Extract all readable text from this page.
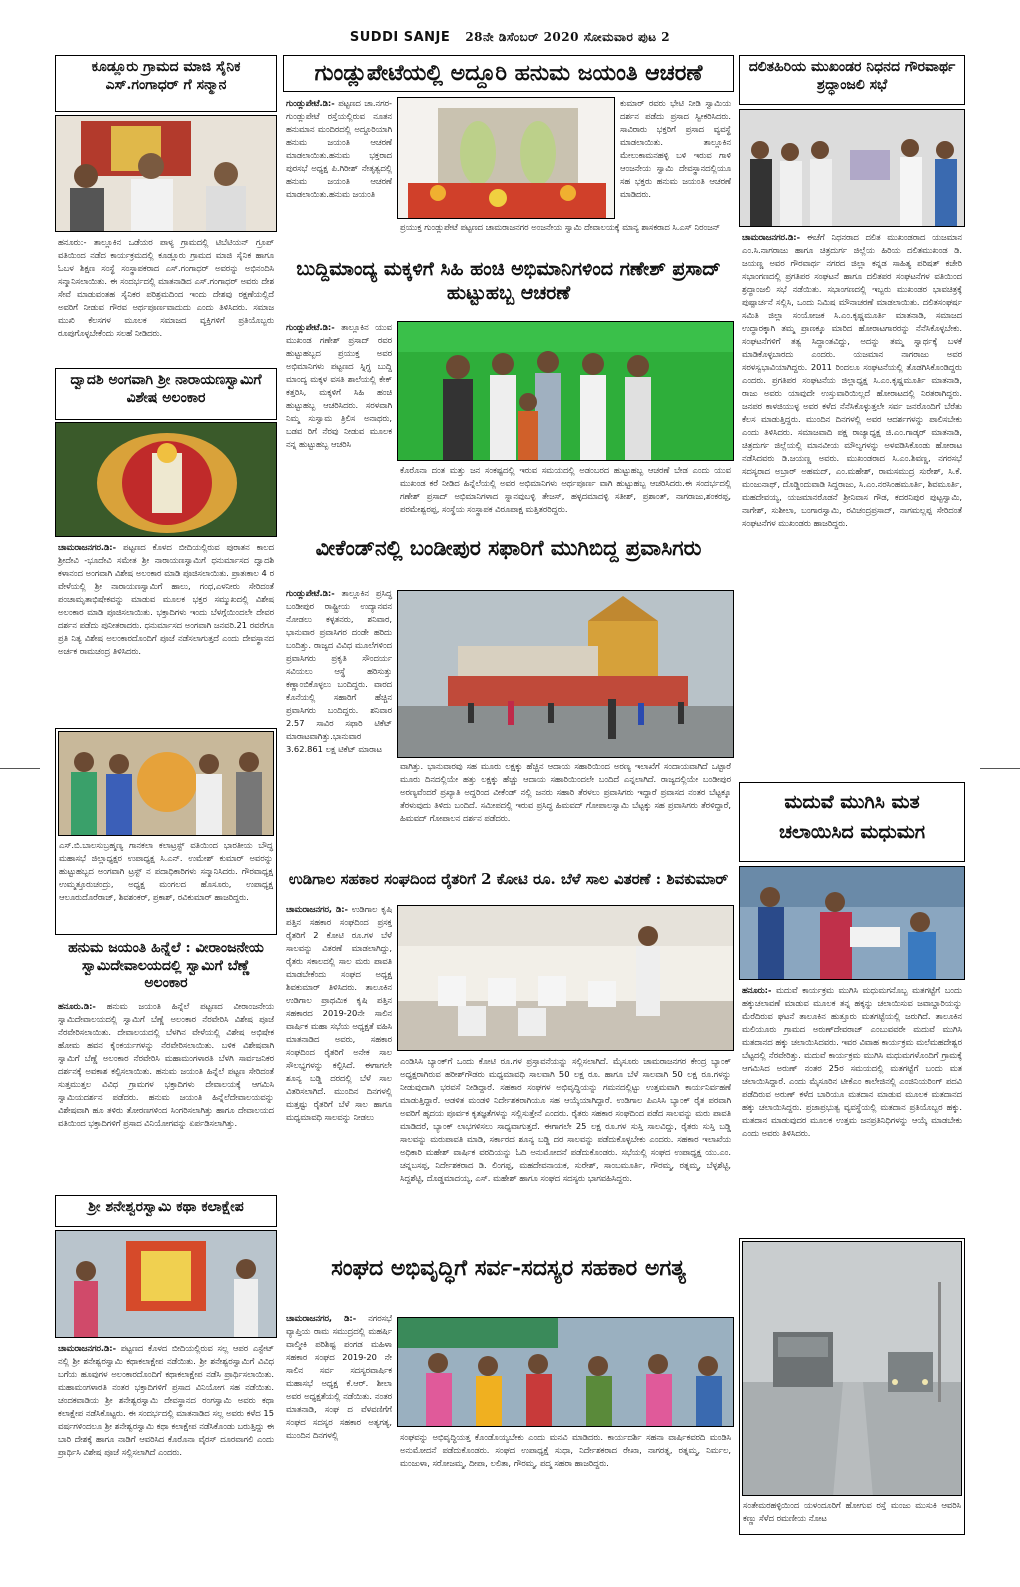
SUDDI SANJE 28ನೇ ಡಿಸೆಂಬರ್ 2020 ಸೋಮವಾರ ಪುಟ 2
ಕೂಡ್ಲೂರು ಗ್ರಾಮದ ಮಾಜಿ ಸೈನಿಕ ಎಸ್.ಗಂಗಾಧರ್ ಗೆ ಸನ್ಮಾನ
ಹನೂರು:- ತಾಲ್ಲೂಕಿನ ಒಡೆಯರ ಪಾಳ್ಯ ಗ್ರಾಮದಲ್ಲಿ ಟಿಬೆಟಿಯನ್ ಗ್ರೂಪ್ ವತಿಯಿಂದ ನಡೆದ ಕಾರ್ಯಕ್ರಮದಲ್ಲಿ ಕೂಡ್ಲೂರು ಗ್ರಾಮದ ಮಾಜಿ ಸೈನಿಕ ಹಾಗೂ ಓಬಳ ಶಿಕ್ಷಣ ಸಂಸ್ಥೆ ಸಂಸ್ಥಾಪಕರಾದ ಎಸ್.ಗಂಗಾಧರ್ ಅವರನ್ನು ಅಭಿನಂದಿಸಿ ಸನ್ಮಾನಿಸಲಾಯಿತು. ಈ ಸಂದರ್ಭದಲ್ಲಿ ಮಾತನಾಡಿದ ಎಸ್.ಗಂಗಾಧರ್ ಅವರು ದೇಶ ಸೇವೆ ಮಾಡುವಂತಹ ಸೈನಿಕರ ಪರಿಶ್ರಮದಿಂದ ಇಂದು ದೇಶವು ರಕ್ಷಣೆಯಲ್ಲಿದೆ ಅವರಿಗೆ ನೀಡುವ ಗೌರವ ಅರ್ಥಪೂರ್ಣವಾದುದು ಎಂದು ತಿಳಿಸಿದರು. ಸಮಾಜ ಮುಖಿ ಕೆಲಸಗಳ ಮೂಲಕ ಸಮಾಜದ ವ್ಯಕ್ತಿಗಳಿಗೆ ಪ್ರತಿಯೊಬ್ಬರು ರೂಪುಗೊಳ್ಳಬೇಕೆಂದು ಸಲಹೆ ನೀಡಿದರು.
ದ್ವಾದಶಿ ಅಂಗವಾಗಿ ಶ್ರೀ ನಾರಾಯಣಸ್ವಾಮಿಗೆ ವಿಶೇಷ ಅಲಂಕಾರ
ಚಾಮರಾಜನಗರ.ಡಿ:- ಪಟ್ಟಣದ ಕೊಳದ ಬೀದಿಯಲ್ಲಿರುವ ಪುರಾತನ ಕಾಲದ ಶ್ರೀದೇವಿ -ಭೂದೇವಿ ಸಮೇತ ಶ್ರೀ ನಾರಾಯಣಸ್ವಾಮಿಗೆ ಧನುರ್ಮಾಸದ ದ್ವಾದಶಿ ಕಳಾನಂದ ಅಂಗವಾಗಿ ವಿಶೇಷ ಅಲಂಕಾರ ಮಾಡಿ ಪೂಜಿಸಲಾಯಿತು. ಪ್ರಾತಃಕಾಲ 4 ರ ವೇಳೆಯಲ್ಲಿ ಶ್ರೀ ನಾರಾಯಣಸ್ವಾಮಿಗೆ ಹಾಲು, ಗಂಧ,ಎಳನೀರು ಸೇರಿದಂತೆ ಪಂಚಾಮೃತಾಭಿಷೇಕವನ್ನು ಮಾಡುವ ಮೂಲಕ ಭಕ್ತರ ಸಮ್ಮುಖದಲ್ಲಿ ವಿಶೇಷ ಅಲಂಕಾರ ಮಾಡಿ ಪೂಜಿಸಲಾಯಿತು. ಭಕ್ತಾದಿಗಳು ಇಂದು ಬೆಳಗ್ಗೆಯಿಂದಲೇ ದೇವರ ದರ್ಶನ ಪಡೆದು ಪುನೀತರಾದರು. ಧನುರ್ಮಾಸದ ಅಂಗವಾಗಿ ಜನವರಿ.21 ರವರೆಗೂ ಪ್ರತಿ ನಿತ್ಯ ವಿಶೇಷ ಅಲಂಕಾರದೊಂದಿಗೆ ಪೂಜೆ ನಡೆಸಲಾಗುತ್ತದೆ ಎಂದು ದೇವಸ್ಥಾನದ ಅರ್ಚಕ ರಾಮಚಂದ್ರ ತಿಳಿಸಿದರು.
ಎಸ್.ಬಿ.ಬಾಲಸುಬ್ರಹ್ಮಣ್ಯ ಗಾನಕಲಾ ಕಲಾಟ್ರಸ್ಟ್ ವತಿಯಿಂದ ಭಾರತೀಯ ಬೌದ್ಧ ಮಹಾಸಭೆ ಜಿಲ್ಲಾಧ್ಯಕ್ಷರ ಉಪಾಧ್ಯಕ್ಷ ಸಿ.ಎನ್. ಉಮೇಶ್ ಕುಮಾರ್ ಅವರನ್ನು ಹುಟ್ಟುಹಬ್ಬದ ಅಂಗವಾಗಿ ಟ್ರಸ್ಟ್ ನ ಪದಾಧಿಕಾರಿಗಳು ಸನ್ಮಾನಿಸಿದರು. ಗೌರವಾಧ್ಯಕ್ಷ ಉಮ್ಮತ್ತೂರುಚಂದ್ರು, ಅಧ್ಯಕ್ಷ ಮಂಗಲದ ಹೊಸೂರು, ಉಪಾಧ್ಯಕ್ಷ ಆಲೂರುದೊರೆರಾಜ್, ಶಿವಶಂಕರ್, ಪ್ರಕಾಶ್, ರವಿಕುಮಾರ್ ಹಾಜರಿದ್ದರು.
ಹನುಮ ಜಯಂತಿ ಹಿನ್ನೆಲೆ : ವೀರಾಂಜನೇಯ ಸ್ವಾಮಿದೇವಾಲಯದಲ್ಲಿ ಸ್ವಾಮಿಗೆ ಬೆಣ್ಣೆ ಅಲಂಕಾರ
ಹನೂರು.ಡಿ:- ಹನುಮ ಜಯಂತಿ ಹಿನ್ನೆಲೆ ಪಟ್ಟಣದ ವೀರಾಂಜನೇಯ ಸ್ವಾಮಿದೇವಾಲಯದಲ್ಲಿ ಸ್ವಾಮಿಗೆ ಬೆಣ್ಣೆ ಅಲಂಕಾರ ನೆರವೇರಿಸಿ ವಿಶೇಷ ಪೂಜೆ ನೆರವೇರಿಸಲಾಯಿತು. ದೇವಾಲಯದಲ್ಲಿ ಬೆಳಗಿನ ವೇಳೆಯಲ್ಲಿ ವಿಶೇಷ ಅಭಿಷೇಕ ಹೋಮ ಹವನ ಕೈಂಕರ್ಯಗಳನ್ನು ನೆರವೇರಿಸಲಾಯಿತು. ಬಳಿಕ ವಿಶೇಷವಾಗಿ ಸ್ವಾಮಿಗೆ ಬೆಣ್ಣೆ ಅಲಂಕಾರ ನೆರವೇರಿಸಿ ಮಹಾಮಂಗಳಾರತಿ ಬೆಳಗಿ ಸಾರ್ವಜನಿಕರ ದರ್ಶನಕ್ಕೆ ಅವಕಾಶ ಕಲ್ಪಿಸಲಾಯಿತು. ಹನುಮ ಜಯಂತಿ ಹಿನ್ನೆಲೆ ಪಟ್ಟಣ ಸೇರಿದಂತೆ ಸುತ್ತಮುತ್ತಲ ವಿವಿಧ ಗ್ರಾಮಗಳ ಭಕ್ತಾದಿಗಳು ದೇವಾಲಯಕ್ಕೆ ಆಗಮಿಸಿ ಸ್ವಾಮಿಯದರ್ಶನ ಪಡೆದರು. ಹನುಮ ಜಯಂತಿ ಹಿನ್ನೆಲೆದೇವಾಲಯವನ್ನು ವಿಶೇಷವಾಗಿ ಹೂ ತಳಿರು ತೋರಣಗಳಿಂದ ಸಿಂಗರಿಸಲಾಗಿತ್ತು ಹಾಗೂ ದೇವಾಲಯದ ವತಿಯಿಂದ ಭಕ್ತಾದಿಗಳಿಗೆ ಪ್ರಸಾದ ವಿನಿಯೋಗವನ್ನು ಏರ್ಪಡಿಸಲಾಗಿತ್ತು.
ಶ್ರೀ ಶನೇಶ್ವರಸ್ವಾಮಿ ಕಥಾ ಕಲಾಕ್ಷೇಪ
ಚಾಮರಾಜನಗರ.ಡಿ:- ಪಟ್ಟಣದ ಕೊಳದ ಬೀದಿಯಲ್ಲಿರುವ ಸಲ್ಲ ಆಪರ ಎಸ್ಟೇಟ್ ನಲ್ಲಿ ಶ್ರೀ ಶನೇಶ್ವರಸ್ವಾಮಿ ಕಥಾಕಲಾಕ್ಷೇಪ ನಡೆಯಿತು. ಶ್ರೀ ಶನೇಶ್ವರಸ್ವಾಮಿಗೆ ವಿವಿಧ ಬಗೆಯ ಹೂವುಗಳ ಅಲಂಕಾರದೊಂದಿಗೆ ಕಥಾಕಲಾಕ್ಷೇಪ ನಡೆಸಿ ಪ್ರಾರ್ಥಿಸಲಾಯಿತು. ಮಹಾಮಂಗಳಾರತಿ ನಂತರ ಭಕ್ತಾದಿಗಳಿಗೆ ಪ್ರಸಾದ ವಿನಿಯೋಗ ಸಹ ನಡೆಯಿತು. ಚಂದಕವಾಡಿಯ ಶ್ರೀ ಶನೇಶ್ವರಸ್ವಾಮಿ ದೇವಸ್ಥಾನದ ರಂಗಸ್ವಾಮಿ ಅವರು ಕಥಾ ಕಲಾಕ್ಷೇಪ ನಡೆಸಿಕೊಟ್ಟರು. ಈ ಸಂದರ್ಭದಲ್ಲಿ ಮಾತನಾಡಿದ ಸಲ್ಲ ಅವರು ಕಳೆದ 15 ವರ್ಷಗಳಿಂದಲೂ ಶ್ರೀ ಶನೇಶ್ವರಸ್ವಾಮಿ ಕಥಾ ಕಲಾಕ್ಷೇಪ ನಡೆಸಿಕೊಂಡು ಬರುತ್ತಿದ್ದು ಈ ಬಾರಿ ದೇಶಕ್ಕೆ ಹಾಗೂ ನಾಡಿಗೆ ಆವರಿಸಿದ ಕೊರೊನಾ ವೈರಸ್ ದೂರವಾಗಲಿ ಎಂದು ಪ್ರಾರ್ಥಿಸಿ ವಿಶೇಷ ಪೂಜೆ ಸಲ್ಲಿಸಲಾಗಿದೆ ಎಂದರು.
ಗುಂಡ್ಲುಪೇಟೆಯಲ್ಲಿ ಅದ್ದೂರಿ ಹನುಮ ಜಯಂತಿ ಆಚರಣೆ
ಗುಂಡ್ಲುಪೇಟೆ.ಡಿ:- ಪಟ್ಟಣದ ಚಾ.ನಗರ- ಗುಂಡ್ಲುಪೇಟೆ ರಸ್ತೆಯಲ್ಲಿರುವ ನೂತನ ಹನುಮಾನ ಮಂದಿರದಲ್ಲಿ ಅದ್ದೂರಿಯಾಗಿ ಹನುಮ ಜಯಂತಿ ಆಚರಣೆ ಮಾಡಲಾಯಿತು.ಹನುಮ ಭಕ್ತರಾದ ಪುರಸಭೆ ಅಧ್ಯಕ್ಷ ಪಿ.ಗಿರೀಶ್ ನೇತೃತ್ವದಲ್ಲಿ ಹನುಮ ಜಯಂತಿ ಆಚರಣೆ ಮಾಡಲಾಯಿತು.ಹನುಮ ಜಯಂತಿ
ಕುಮಾರ್ ರವರು ಭೇಟಿ ನೀಡಿ ಸ್ವಾಮಿಯ ದರ್ಶನ ಪಡೆದು ಪ್ರಸಾದ ಸ್ವೀಕರಿಸಿದರು. ಸಾವಿರಾರು ಭಕ್ತರಿಗೆ ಪ್ರಸಾದ ವ್ಯವಸ್ಥೆ ಮಾಡಲಾಯಿತು. ತಾಲ್ಲೂಕಿನ ಮೇಲುಕಾಮನಹಳ್ಳಿ ಬಳಿ ಇರುವ ಗಾಳಿ ಆಂಜನೇಯ ಸ್ವಾಮಿ ದೇವಸ್ಥಾನದಲ್ಲಿಯೂ ಸಹ ಭಕ್ತರು ಹನುಮ ಜಯಂತಿ ಆಚರಣೆ ಮಾಡಿದರು.
ಪ್ರಯುಕ್ತ ಗುಂಡ್ಲುಪೇಟೆ ಪಟ್ಟಣದ ಚಾಮರಾಜನಗರ ಅಂಜನೇಯ ಸ್ವಾಮಿ ದೇವಾಲಯಕ್ಕೆ ಮಾನ್ಯ ಶಾಸಕರಾದ ಸಿ.ಎಸ್ ನಿರಂಜನ್
ಬುದ್ದಿಮಾಂದ್ಯ ಮಕ್ಕಳಿಗೆ ಸಿಹಿ ಹಂಚಿ ಅಭಿಮಾನಿಗಳಿಂದ ಗಣೇಶ್ ಪ್ರಸಾದ್ ಹುಟ್ಟುಹಬ್ಬ ಆಚರಣೆ
ಗುಂಡ್ಲುಪೇಟೆ.ಡಿ:- ತಾಲ್ಲೂಕಿನ ಯುವ ಮುಖಂಡ ಗಣೇಶ್ ಪ್ರಸಾದ್ ರವರ ಹುಟ್ಟುಹಬ್ಬದ ಪ್ರಯುಕ್ತ ಅವರ ಅಭಿಮಾನಿಗಳು ಪಟ್ಟಣದ ಸ್ನಿಗ್ಧ ಬುದ್ದಿ ಮಾಂದ್ಯ ಮಕ್ಕಳ ವಸತಿ ಶಾಲೆಯಲ್ಲಿ ಕೇಕ್ ಕತ್ತರಿಸಿ, ಮಕ್ಕಳಿಗೆ ಸಿಹಿ ಹಂಚಿ ಹುಟ್ಟುಹಬ್ಬ ಆಚರಿಸಿದರು. ಸರಳವಾಗಿ ನಿಮ್ಮ ಸುಸ್ವಾಮ ತ್ರಿಲಿಸ ಅನಾಥರು, ಬಡವ ರಿಗೆ ನೆರವು ನೀಡುವ ಮೂಲಕ ನನ್ನ ಹುಟ್ಟುಹಬ್ಬ ಆಚರಿಸಿ
ಕೊರೊನಾ ದಂತ ಮತ್ತು ಜನ ಸಂಕಷ್ಟದಲ್ಲಿ ಇರುವ ಸಮಯದಲ್ಲಿ ಅಡಂಬರದ ಹುಟ್ಟುಹಬ್ಬ ಆಚರಣೆ ಬೇಡ ಎಂದು ಯುವ ಮುಖಂಡ ಕರೆ ನೀಡಿದ ಹಿನ್ನೆಲೆಯಲ್ಲಿ ಅವರ ಅಭಿಮಾನಿಗಳು ಅರ್ಥಪೂರ್ಣ ವಾಗಿ ಹುಟ್ಟುಹಬ್ಬ ಆಚರಿಸಿದರು.ಈ ಸಂದರ್ಭದಲ್ಲಿ ಗಣೇಶ್ ಪ್ರಸಾದ್ ಅಭಿಮಾನಿಗಳಾದ ಸ್ನಾನವುಬಳ್ಳಿ ತೇಜಸ್, ಹಳ್ಳದಮಾದಳ್ಳಿ ಸತೀಶ್, ಪ್ರಶಾಂತ್, ನಾಗರಾಜು,ಶಂಕರಪ್ಪ, ಪರಮೇಶ್ವರಪ್ಪ, ಸಂಸ್ಥೆಯ ಸಂಸ್ಥಾಪಕ ವಿರೂಪಾಕ್ಷ ಮತ್ತಿತರರಿದ್ದರು.
ವೀಕೆಂಡ್‌ನಲ್ಲಿ ಬಂಡೀಪುರ ಸಫಾರಿಗೆ ಮುಗಿಬಿದ್ದ ಪ್ರವಾಸಿಗರು
ಗುಂಡ್ಲುಪೇಟೆ.ಡಿ:- ತಾಲ್ಲೂಕಿನ ಪ್ರಸಿದ್ಧ ಬಂಡೀಪುರ ರಾಷ್ಟ್ರೀಯ ಉದ್ಯಾನವನ ನೋಡಲು ಕಳ್ಳತನರು, ಶನಿವಾರ, ಭಾನುವಾರ ಪ್ರವಾಸಿಗರ ದಂಡೇ ಹರಿದು ಬಂದಿತ್ತು. ರಾಜ್ಯದ ವಿವಿಧ ಮೂಲೆಗಳಿಂದ ಪ್ರವಾಸಿಗರು ಪ್ರಕೃತಿ ಸೌಂದರ್ಯ ಸವಿಯಲು ಆಸ್ಥೆ ಹರಿಸುತ್ತು ಕಣ್ಣಾಂಬಿಕೊಳ್ಳಲು ಬಂದಿದ್ದರು. ವಾರದ ಕೊನೆಯಲ್ಲಿ ಸಹಾರಿಗೆ ಹೆಚ್ಚಿನ ಪ್ರವಾಸಿಗರು ಬಂದಿದ್ದರು. ಶನಿವಾರ 2.57 ಸಾವಿರ ಸಫಾರಿ ಟಿಕೆಟ್ ಮಾರಾಟವಾಗಿತ್ತು.ಭಾನುವಾರ 3.62.861 ಲಕ್ಷ ಟಿಕೆಟ್ ಮಾರಾಟ
ವಾಗಿತ್ತು. ಭಾನುವಾರವು ಸಹ ಮೂರು ಲಕ್ಷಕ್ಕು ಹೆಚ್ಚಿನ ಆದಾಯ ಸಹಾರಿಯಿಂದ ಅರಣ್ಯ ಇಲಾಖೆಗೆ ಸಂದಾಯವಾಗಿದೆ ಒಟ್ಟಾರೆ ಮೂರು ದಿನದಲ್ಲಿಯೇ ಹತ್ತು ಲಕ್ಷಕ್ಕು ಹೆಚ್ಚು ಆದಾಯ ಸಹಾರಿಯಿಂದಲೇ ಬಂದಿದೆ ಎನ್ನಲಾಗಿದೆ. ರಾಜ್ಯದಲ್ಲಿಯೇ ಬಂಡೀಪುರ ಅರಣ್ಯವೆಂದರೆ ಪ್ರಖ್ಯಾತಿ ಅದ್ದರಿಂದ ವೀಕೆಂಡ್ ನಲ್ಲಿ ಜನರು ಸಹಾರಿ ತೆರಳಲು ಪ್ರವಾಸಿಗರು ಇದ್ದಾರೆ ಪ್ರವಾಸದ ನಂತರ ಬೆಟ್ಟಕ್ಕೂ ತೆರಳುವುದು ತಿಳಿದು ಬಂದಿದೆ. ಸಮೀಪದಲ್ಲಿ ಇರುವ ಪ್ರಸಿದ್ಧ ಹಿಮವದ್ ಗೋಪಾಲಸ್ವಾಮಿ ಬೆಟ್ಟಕ್ಕು ಸಹ ಪ್ರವಾಸಿಗರು ತೆರಳಿದ್ದಾರೆ, ಹಿಮವದ್ ಗೋಪಾಲನ ದರ್ಶನ ಪಡೆದರು.
ಉಡಿಗಾಲ ಸಹಕಾರ ಸಂಘದಿಂದ ರೈತರಿಗೆ 2 ಕೋಟಿ ರೂ. ಬೆಳೆ ಸಾಲ ವಿತರಣೆ : ಶಿವಕುಮಾರ್
ಚಾಮರಾಜನಗರ, ಡಿ:- ಉಡಿಗಾಲ ಕೃಷಿ ಪತ್ತಿನ ಸಹಕಾರ ಸಂಘದಿಂದ ಪ್ರಸಕ್ತ ರೈತರಿಗೆ 2 ಕೋಟಿ ರೂ.ಗಳ ಬೆಳೆ ಸಾಲವನ್ನು ವಿತರಣೆ ಮಾಡಲಾಗಿದ್ದು, ರೈತರು ಸಕಾಲದಲ್ಲಿ ಸಾಲ ಮರು ಪಾವತಿ ಮಾಡಬೇಕೆಂದು ಸಂಘದ ಅಧ್ಯಕ್ಷ ಶಿವಕುಮಾರ್ ತಿಳಿಸಿದರು. ತಾಲೂಕಿನ ಉಡಿಗಾಲ ಪ್ರಾಥಮಿಕ ಕೃಷಿ ಪತ್ತಿನ ಸಹಕಾರದ 2019-20ನೇ ಸಾಲಿನ ವಾರ್ಷಿಕ ಮಹಾ ಸಭೆಯ ಅಧ್ಯಕ್ಷತೆ ವಹಿಸಿ ಮಾತನಾಡಿದ ಅವರು, ಸಹಕಾರ ಸಂಘದಿಂದ ರೈತರಿಗೆ ಅನೇಕ ಸಾಲ ಸೌಲಭ್ಯಗಳನ್ನು ಕಲ್ಪಿಸಿದೆ. ಈಗಾಗಲೇ ಶೂನ್ಯ ಬಡ್ಡಿ ದರದಲ್ಲಿ ಬೆಳೆ ಸಾಲ ವಿತರಿಸಲಾಗಿದೆ. ಮುಂದಿನ ದಿನಗಳಲ್ಲಿ ಮತ್ತಷ್ಟು ರೈತರಿಗೆ ಬೆಳೆ ಸಾಲ ಹಾಗೂ ಮಧ್ಯಮಾವಧಿ ಸಾಲವನ್ನು ನೀಡಲು
ಎಂಡಿಸಿಸಿ ಬ್ಯಾಂಕ್‌ಗೆ ಒಂದು ಕೋಟಿ ರೂ.ಗಳ ಪ್ರಸ್ತಾವನೆಯನ್ನು ಸಲ್ಲಿಸಲಾಗಿದೆ. ಮೈಸೂರು ಚಾಮರಾಜನಗರ ಕೇಂದ್ರ ಬ್ಯಾಂಕ್ ಅಧ್ಯಕ್ಷರಾಗಿರುವ ಹರೀಶ್‌ಗೌಡರು ಮಧ್ಯಮಾವಧಿ ಸಾಲವಾಗಿ 50 ಲಕ್ಷ ರೂ. ಹಾಗೂ ಬೆಳೆ ಸಾಲವಾಗಿ 50 ಲಕ್ಷ ರೂ.ಗಳನ್ನು ನೀಡುವುದಾಗಿ ಭರವಸೆ ನೀಡಿದ್ದಾರೆ. ಸಹಕಾರ ಸಂಘಗಳ ಅಭಿವೃದ್ಧಿಯನ್ನು ಗಮನದಲ್ಲಿಟ್ಟು ಉತ್ತಮವಾಗಿ ಕಾರ್ಯನಿರ್ವಹಣೆ ಮಾಡುತ್ತಿದ್ದಾರೆ. ಆಡಳಿತ ಮಂಡಳಿ ನಿರ್ದೇಶಕರಾಗಿಯೂ ಸಹ ಆಯ್ಕೆಯಾಗಿದ್ದಾರೆ. ಉಡಿಗಾಲ ಪಿಎಸಿಸಿ ಬ್ಯಾಂಕ್ ರೈತ ಪರವಾಗಿ ಅವರಿಗೆ ಹೃದಯ ಪೂರ್ವಕ ಕೃತಜ್ಞತೆಗಳನ್ನು ಸಲ್ಲಿಸುತ್ತೇನೆ ಎಂದರು. ರೈತರು ಸಹಕಾರ ಸಂಘದಿಂದ ಪಡೆದ ಸಾಲವನ್ನು ಮರು ಪಾವತಿ ಮಾಡಿದರೆ, ಬ್ಯಾಂಕ್ ಲಾಭಗಳಿಸಲು ಸಾಧ್ಯವಾಗುತ್ತದೆ. ಈಗಾಗಲೇ 25 ಲಕ್ಷ ರೂ.ಗಳ ಸುಸ್ತಿ ಸಾಲವಿದ್ದು, ರೈತರು ಸುಸ್ತಿ ಬಡ್ಡಿ ಸಾಲವನ್ನು ಮರುಪಾವತಿ ಮಾಡಿ, ಸರ್ಕಾರದ ಶೂನ್ಯ ಬಡ್ಡಿ ದರ ಸಾಲವನ್ನು ಪಡೆದುಕೊಳ್ಳಬೇಕು ಎಂದರು. ಸಹಕಾರ ಇಲಾಖೆಯ ಅಧಿಕಾರಿ ಮಹೇಶ್ ವಾರ್ಷಿಕ ವರದಿಯನ್ನು ಓದಿ ಅನುಮೋದನೆ ಪಡೆದುಕೊಂಡರು. ಸಭೆಯಲ್ಲಿ ಸಂಘದ ಉಪಾಧ್ಯಕ್ಷ ಯು.ಎಂ. ಚನ್ನಬಸಪ್ಪ, ನಿರ್ದೇಶಕರಾದ ಡಿ. ಲಿಂಗಪ್ಪ, ಮಹದೇವನಾಯಕ, ಸುರೇಶ್, ಸಾಂಬಮೂರ್ತಿ, ಗೌರಮ್ಮ, ರತ್ನಮ್ಮ, ಬೆಳ್ಳಶೆಟ್ಟಿ, ಸಿದ್ದಶೆಟ್ಟಿ, ದೊಡ್ಡಮಾದಯ್ಯ, ಎಸ್. ಮಹೇಶ್ ಹಾಗೂ ಸಂಘದ ಸದಸ್ಯರು ಭಾಗವಹಿಸಿದ್ದರು.
ಸಂಘದ ಅಭಿವೃದ್ಧಿಗೆ ಸರ್ವ-ಸದಸ್ಯರ ಸಹಕಾರ ಅಗತ್ಯ
ಚಾಮರಾಜನಗರ, ಡಿ:- ನಗರಸಭೆ ವ್ಯಾಪ್ತಿಯ ರಾಮ ಸಮುದ್ರದಲ್ಲಿ ಮಹರ್ಷಿ ವಾಲ್ಮೀಕಿ ಪರಿಶಿಷ್ಟ ಪಂಗಡ ಮಹಿಳಾ ಸಹಕಾರ ಸಂಘದ 2019-20 ನೇ ಸಾಲಿನ ಸರ್ವ ಸದಸ್ಯರವಾರ್ಷಿಕ ಮಹಾಸಭೆ ಅಧ್ಯಕ್ಷ ಕೆ.ಆರ್. ಶೀಲಾ ಅವರ ಅಧ್ಯಕ್ಷತೆಯಲ್ಲಿ ನಡೆಯಿತು. ನಂತರ ಮಾತನಾಡಿ, ಸಂಘ ದ ವೆಳವಣಿಗೆಗೆ ಸಂಘದ ಸದಸ್ಯರ ಸಹಕಾರ ಅತ್ಯಗತ್ಯ, ಮುಂದಿನ ದಿನಗಳಲ್ಲಿ	ಸಂಘವನ್ನು ಅಭಿವೃದ್ಧಿಯತ್ತ ಕೊಂಡೊಯ್ಯಬೇಕು ಎಂದು ಮನವಿ ಮಾಡಿದರು. ಕಾರ್ಯದರ್ಶಿ ಸಹನಾ ವಾರ್ಷಿಕವರದಿ ಮಂಡಿಸಿ ಅನುಮೋದನೆ ಪಡೆದುಕೊಂಡರು. ಸಂಘದ ಉಪಾಧ್ಯಕ್ಷೆ ಸುಧಾ, ನಿರ್ದೇಶಕರಾದ ರೇಖಾ, ನಾಗರತ್ನ, ರತ್ನಮ್ಮ, ನಿರ್ಮಲ, ಮಂಜುಳಾ, ಸರೋಜಮ್ಮ, ದೀಪಾ, ಲಲಿತಾ, ಗೌರಮ್ಮ, ಪದ್ಮ ಸಹರಾ ಹಾಜರಿದ್ದರು.
ದಲಿತಹಿರಿಯ ಮುಖಂಡರ ನಿಧನದ ಗೌರವಾರ್ಥ ಶ್ರದ್ಧಾಂಜಲಿ ಸಭೆ
ಚಾಮರಾಜನಗರ.ಡಿ:- ಈಚೆಗೆ ನಿಧನರಾದ ದಲಿತ ಮುಖಂಡರಾದ ಯಜಮಾನ ಎಂ.ಸಿ.ನಾಗರಾಜು ಹಾಗೂ ಚಿತ್ರದುರ್ಗ ಜಿಲ್ಲೆಯ ಹಿರಿಯ ದಲಿತಮುಖಂಡ ಡಿ. ಜಯಣ್ಣ ಅವರ ಗೌರವಾರ್ಥ ನಗರದ ಜಿಲ್ಲಾ ಕನ್ನಡ ಸಾಹಿತ್ಯ ಪರಿಷತ್ ಕಚೇರಿ ಸಭಾಂಗಣದಲ್ಲಿ ಪ್ರಗತಿಪರ ಸಂಘಟನೆ ಹಾಗೂ ದಲಿತಪರ ಸಂಘಟನೆಗಳ ವತಿಯಿಂದ ಶ್ರದ್ಧಾಂಜಲಿ ಸಭೆ ನಡೆಯಿತು. ಸಭಾಂಗಣದಲ್ಲಿ ಇಬ್ಬರು ಮುಖಂಡರ ಭಾವಚಿತ್ರಕ್ಕೆ ಪುಷ್ಪಾರ್ಚನೆ ಸಲ್ಲಿಸಿ, ಒಂದು ನಿಮಿಷ ಮೌನಾಚರಣೆ ಮಾಡಲಾಯಿತು. ದಲಿತಸಂಘರ್ಷ ಸಮಿತಿ ಜಿಲ್ಲಾ ಸಂಯೋಜಕ ಸಿ.ಎಂ.ಕೃಷ್ಣಮೂರ್ತಿ ಮಾತನಾಡಿ, ಸಮಾಜದ ಉದ್ಧಾರಕ್ಕಾಗಿ ತಮ್ಮ ಪ್ರಾಣಕ್ಕೂ ಮಾರಿದ ಹೋರಾಟಗಾರರನ್ನು ನೆನೆಸಿಕೊಳ್ಳಬೇಕು. ಸಂಘಟನೆಗಳಿಗೆ ತತ್ವ ಸಿದ್ಧಾಂತವಿದ್ದು, ಅದನ್ನು ತಮ್ಮ ಸ್ವಾರ್ಥಕ್ಕೆ ಬಳಕೆ ಮಾಡಿಕೊಳ್ಳಬಾರದು ಎಂದರು. ಯಜಮಾನ ನಾಗರಾಜು ಅವರ ಸರಳಸ್ವಭಾವಿಯಾಗಿದ್ದರು. 2011 ರಿಂದಲೂ ಸಂಘಟನೆಯಲ್ಲಿ ತೊಡಗಿಸಿಕೊಂಡಿದ್ದರು ಎಂದರು. ಪ್ರಗತಿಪರ ಸಂಘಟನೆಯ ಜಿಲ್ಲಾಧ್ಯಕ್ಷ ಸಿ.ಎಂ.ಕೃಷ್ಣಮೂರ್ತಿ ಮಾತನಾಡಿ, ರಾಜು ಅವರು ಯಾವುದೇ ಉಸ್ತುವಾರಿಯಿಲ್ಲದೆ ಹೋರಾಟದಲ್ಲಿ ನಿರತರಾಗಿದ್ದರು. ಜನಪರ ಕಾಳಜಿಯುಳ್ಳ ಅವರ ಕಳೆದ ನೆನೆಸಿಕೊಳ್ಳುತ್ತಲೇ ಸರ್ವ ಜನರೊಂದಿಗೆ ಬೆರೆತು ಕೆಲಸ ಮಾಡುತ್ತಿದ್ದರು. ಮುಂದಿನ ದಿನಗಳಲ್ಲಿ ಅವರ ಆದರ್ಶಗಳನ್ನು ಪಾಲಿಸಬೇಕು ಎಂದು ತಿಳಿಸಿದರು. ಸಮಾಜವಾದಿ ಪಕ್ಷ ರಾಜ್ಯಾಧ್ಯಕ್ಷ ಜಿ.ಎಂ.ಗಾಡ್ಕರ್ ಮಾತನಾಡಿ, ಚಿತ್ರದುರ್ಗ ಜಿಲ್ಲೆಯಲ್ಲಿ ಮಾನವೀಯ ಮೌಲ್ಯಗಳನ್ನು ಅಳವಡಿಸಿಕೊಂಡು ಹೋರಾಟ ನಡೆಸಿದವರು ಡಿ.ಜಯಣ್ಣ ಅವರು. ಮುಖಂಡರಾದ ಸಿ.ಎಂ.ಶಿವಣ್ಣ, ನಗರಸಭೆ ಸದಸ್ಯರಾದ ಅಬ್ರಾರ್ ಅಹಮದ್, ಎಂ.ಮಹೇಶ್, ರಾಮಸಮುದ್ರ ಸುರೇಶ್, ಸಿ.ಕೆ. ಮಂಜುನಾಥ್, ದೊಡ್ಡಿಂದುವಾಡಿ ಸಿದ್ದರಾಜು, ಸಿ.ಎಂ.ನರಸಿಂಹಮೂರ್ತಿ, ಶಿವಮೂರ್ತಿ, ಮಹದೇವಯ್ಯ, ಯಜಮಾನರೊಡನೆ ಶ್ರೀನಿವಾಸ ಗೌಡ, ಕದರನಿಪುರ ಪುಟ್ಟಸ್ವಾಮಿ, ನಾಗೇಶ್, ಸುಶೀಲಾ, ಬಂಗಾರಸ್ವಾಮಿ, ರವಿಚಂದ್ರಪ್ರಸಾದ್, ನಾಗಮಲ್ಲಪ್ಪ ಸೇರಿದಂತೆ ಸಂಘಟನೆಗಳ ಮುಖಂಡರು ಹಾಜರಿದ್ದರು.
ಮದುವೆ ಮುಗಿಸಿ ಮತ ಚಲಾಯಿಸಿದ ಮಧುಮಗ
ಹನೂರು:- ಮದುವೆ ಕಾರ್ಯಕ್ರಮ ಮುಗಿಸಿ ಮಧುಮಗನೊಬ್ಬ ಮತಗಟ್ಟೆಗೆ ಬಂದು ಹಕ್ಕುಚಲಾವಣೆ ಮಾಡುವ ಮೂಲಕ ತನ್ನ ಹಕ್ಕನ್ನು ಚಲಾಯಿಸುವ ಜವಾಬ್ದಾರಿಯನ್ನು ಮೆರೆದಿರುವ ಘಟನೆ ತಾಲೂಕಿನ ಹುತ್ತೂರು ಮತಗಟ್ಟೆಯಲ್ಲಿ ಜರುಗಿದೆ. ತಾಲೂಕಿನ ಮಲಿಯೂರು ಗ್ರಾಮದ ಅರುಣ್‌ದೇವರಾಜ್ ಎಂಬುವವರೇ ಮದುವೆ ಮುಗಿಸಿ ಮತದಾನದ ಹಕ್ಕು ಚಲಾಯಿಸಿದವರು. ಇವರ ವಿವಾಹ ಕಾರ್ಯಕ್ರಮ ಮಲೆಮಹದೇಶ್ವರ ಬೆಟ್ಟದಲ್ಲಿ ನೆರವೇರಿತ್ತು. ಮದುವೆ ಕಾರ್ಯಕ್ರಮ ಮುಗಿಸಿ ಮಧುಮಗಳೊಂದಿಗೆ ಗ್ರಾಮಕ್ಕೆ ಆಗಮಿಸಿದ ಅರುಣ್ ನಂತರ 25ರ ಸಮಯದಲ್ಲಿ ಮತಗಟ್ಟೆಗೆ ಬಂದು ಮತ ಚಲಾಯಿಸಿದ್ದಾರೆ. ಎಂದು ಮೈಸೂರಿನ ಟೀಕೆಎಂ ಕಾಲೇಜಿನಲ್ಲಿ ಎಂಜಿನಿಯರಿಂಗ್ ಪದವಿ ಪಡೆದಿರುವ ಅರುಣ್ ಕಳೆದ ಬಾರಿಯೂ ಮತದಾನ ಮಾಡುವ ಮೂಲಕ ಮತದಾನದ ಹಕ್ಕು ಚಲಾಯಿಸಿದ್ದರು. ಪ್ರಜಾಪ್ರಭುತ್ವ ವ್ಯವಸ್ಥೆಯಲ್ಲಿ ಮತದಾನ ಪ್ರತಿಯೊಬ್ಬರ ಹಕ್ಕು. ಮತದಾನ ಮಾಡುವುದರ ಮೂಲಕ ಉತ್ತಮ ಜನಪ್ರತಿನಿಧಿಗಳನ್ನು ಆಯ್ಕೆ ಮಾಡಬೇಕು ಎಂದು ಅವರು ತಿಳಿಸಿದರು.
ಸಂತೇಮರಹಳ್ಳಿಯಿಂದ ಯಳಂದೂರಿಗೆ ಹೋಗುವ ರಸ್ತೆ ಮಂಜು ಮುಸುಕಿ ಆವರಿಸಿ ಕಣ್ಣು ಸೆಳೆದ ರಮಣೀಯ ನೋಟ
